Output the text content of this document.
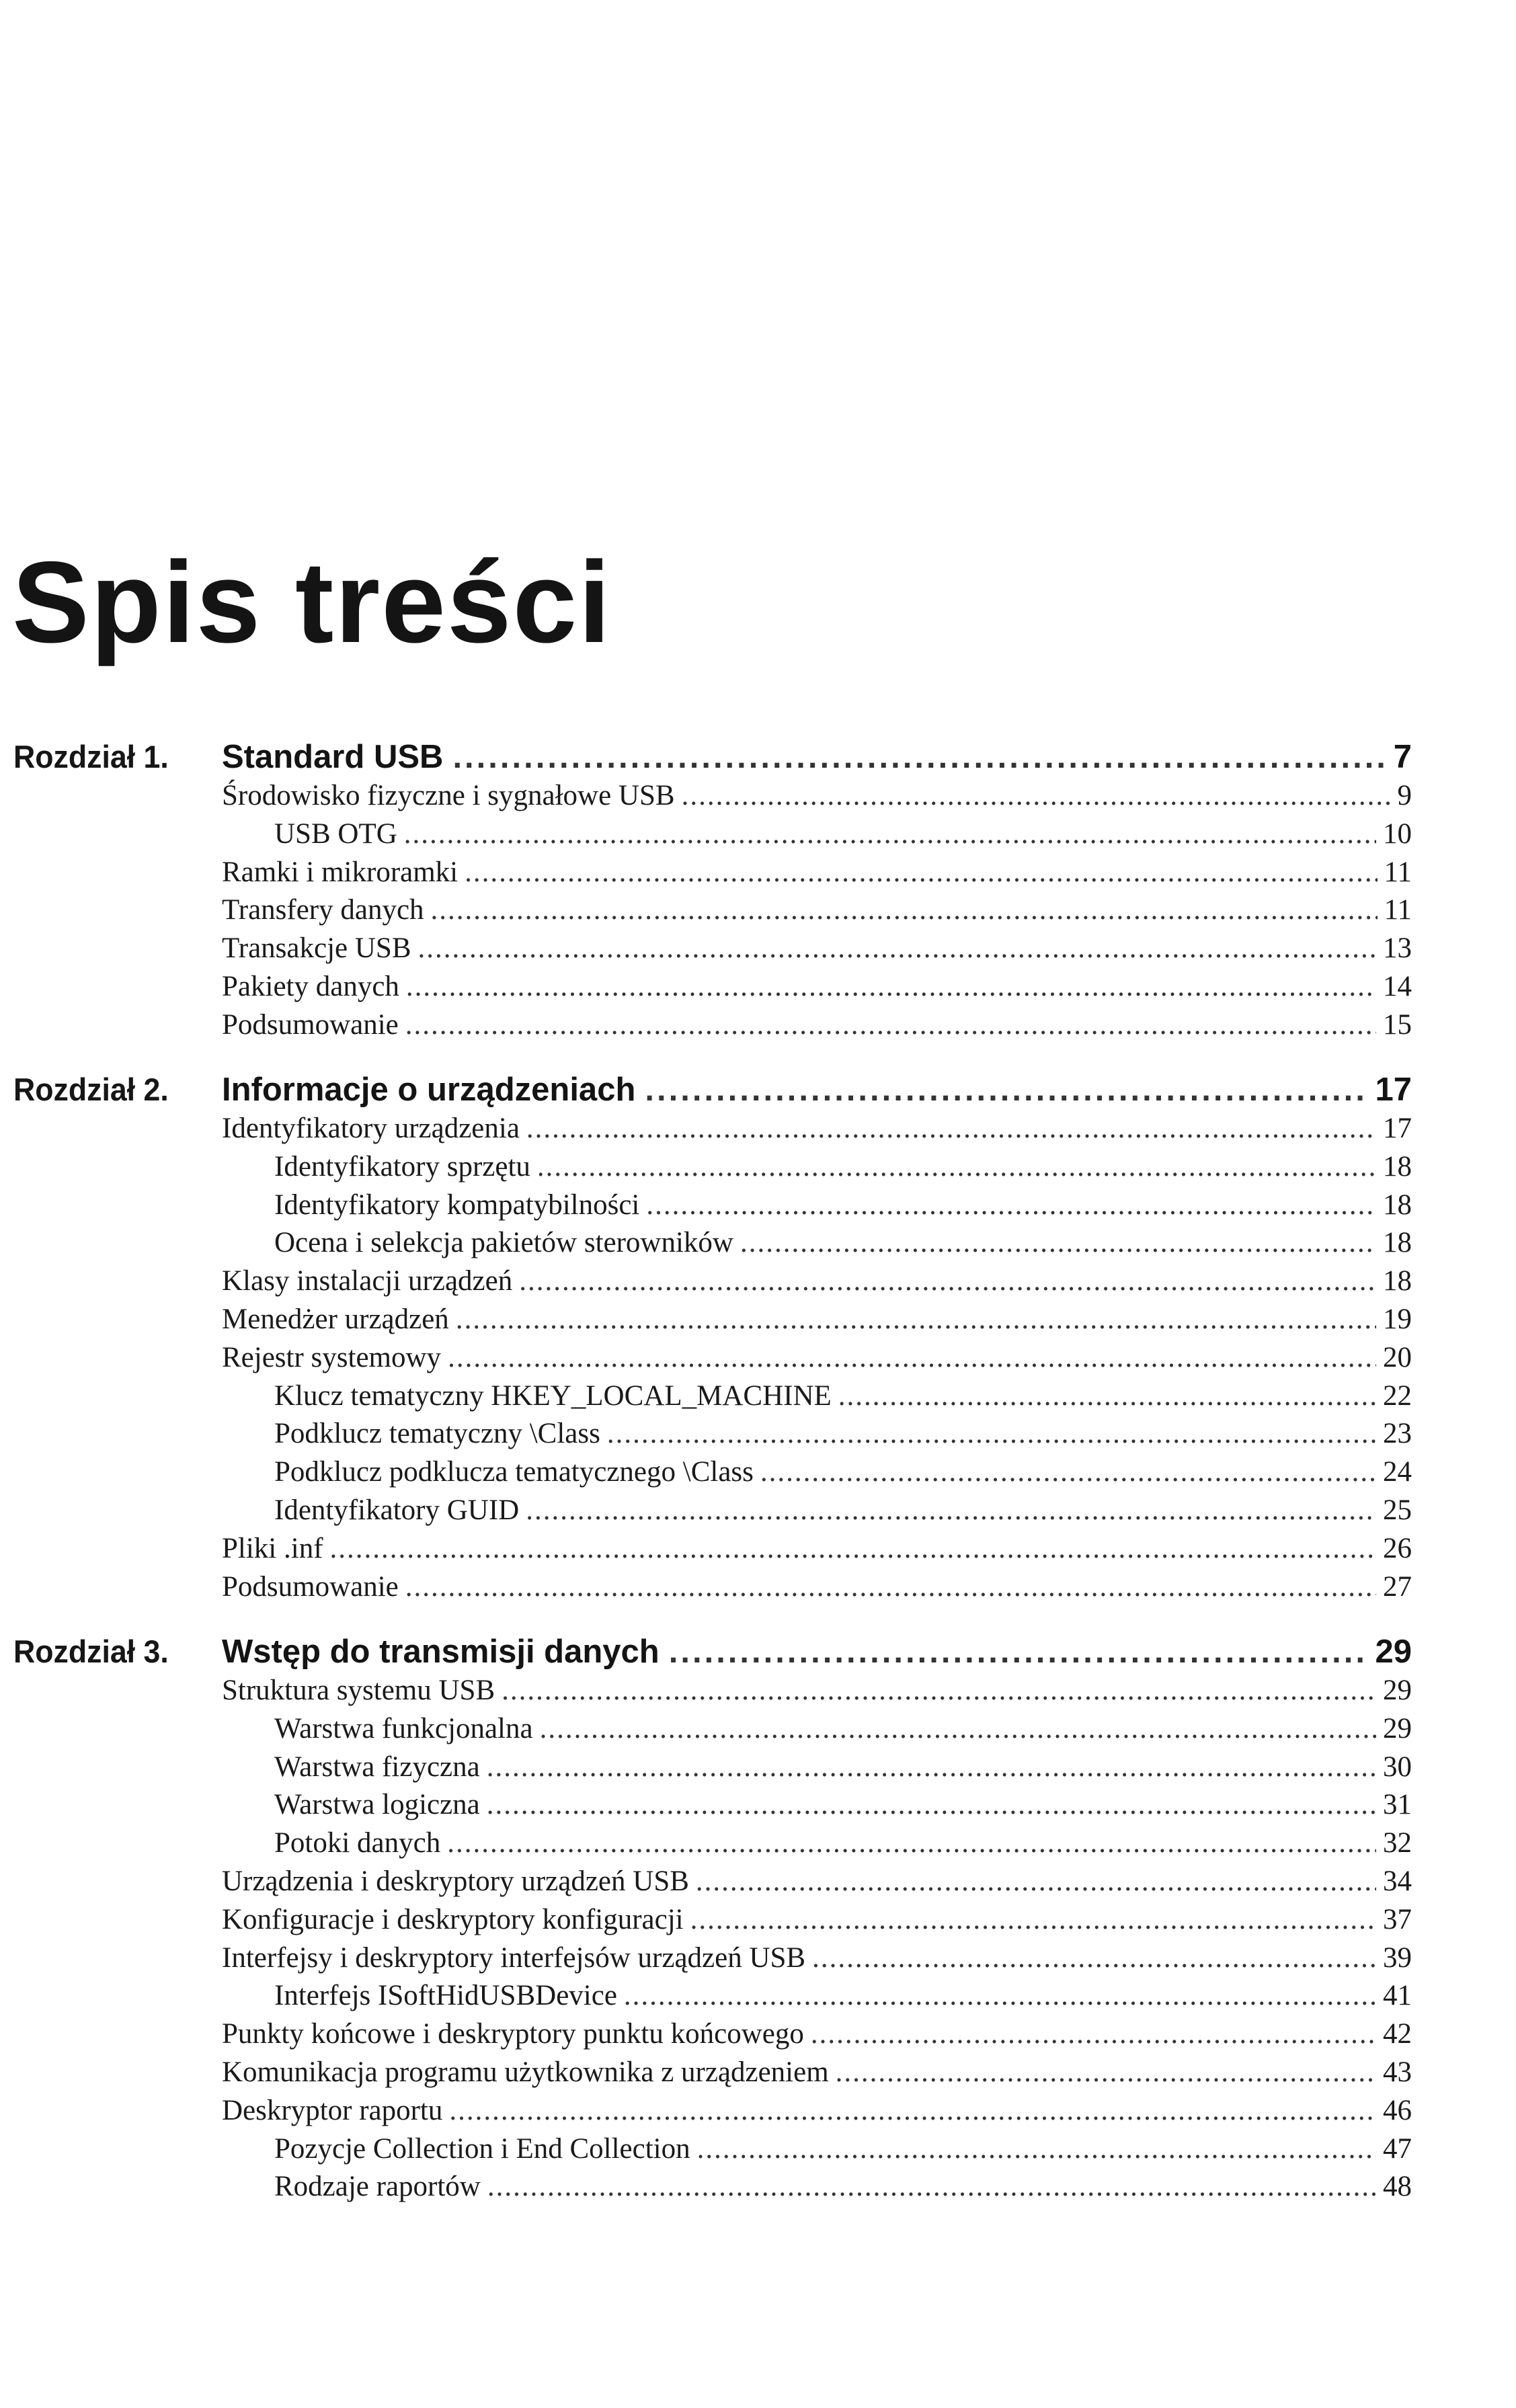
Spis treści
Rozdział 1.	Standard USB .....	7
Środowisko fizyczne i sygnałowe USB .....	9
USB OTG .....	10
Ramki i mikroramki .....	11
Transfery danych .....	11
Transakcje USB .....	13
Pakiety danych .....	14
Podsumowanie .....	15
Rozdział 2.	Informacje o urządzeniach .....	17
Identyfikatory urządzenia .....	17
Identyfikatory sprzętu .....	18
Identyfikatory kompatybilności .....	18
Ocena i selekcja pakietów sterowników .....	18
Klasy instalacji urządzeń .....	18
Menedżer urządzeń .....	19
Rejestr systemowy .....	20
Klucz tematyczny HKEY_LOCAL_MACHINE .....	22
Podklucz tematyczny \Class .....	23
Podklucz podklucza tematycznego \Class .....	24
Identyfikatory GUID .....	25
Pliki .inf .....	26
Podsumowanie .....	27
Rozdział 3.	Wstęp do transmisji danych .....	29
Struktura systemu USB .....	29
Warstwa funkcjonalna .....	29
Warstwa fizyczna .....	30
Warstwa logiczna .....	31
Potoki danych .....	32
Urządzenia i deskryptory urządzeń USB .....	34
Konfiguracje i deskryptory konfiguracji .....	37
Interfejsy i deskryptory interfejsów urządzeń USB .....	39
Interfejs ISoftHidUSBDevice .....	41
Punkty końcowe i deskryptory punktu końcowego .....	42
Komunikacja programu użytkownika z urządzeniem .....	43
Deskryptor raportu .....	46
Pozycje Collection i End Collection .....	47
Rodzaje raportów .....	48
